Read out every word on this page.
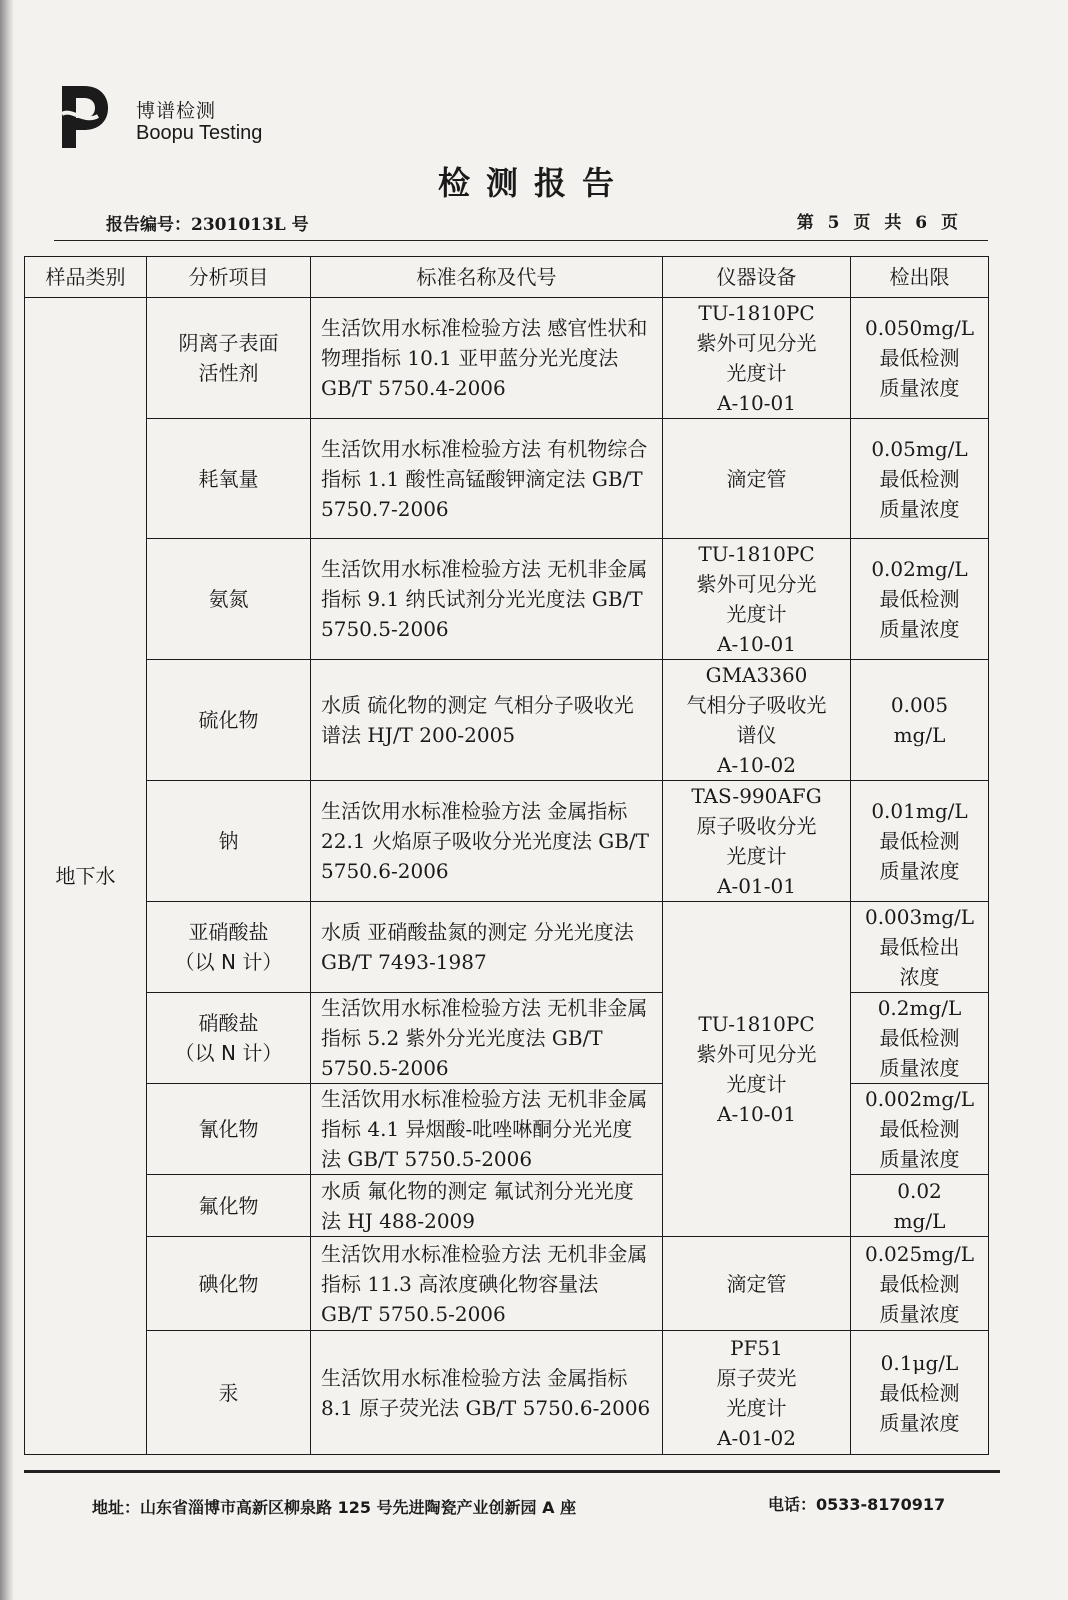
博谱检测
Boopu Testing
检测报告
报告编号：2301013L 号	第 5 页 共 6 页
样品类别	分析项目	标准名称及代号	仪器设备	检出限
地下水	阴离子表面
活性剂	生活饮用水标准检验方法 感官性状和物理指标 10.1 亚甲蓝分光光度法 GB/T 5750.4-2006	TU-1810PC
紫外可见分光
光度计
A-10-01	0.050mg/L
最低检测
质量浓度
	耗氧量	生活饮用水标准检验方法 有机物综合指标 1.1 酸性高锰酸钾滴定法 GB/T 5750.7-2006	滴定管	0.05mg/L
最低检测
质量浓度
	氨氮	生活饮用水标准检验方法 无机非金属指标 9.1 纳氏试剂分光光度法 GB/T 5750.5-2006	TU-1810PC
紫外可见分光
光度计
A-10-01	0.02mg/L
最低检测
质量浓度
	硫化物	水质 硫化物的测定 气相分子吸收光谱法 HJ/T 200-2005	GMA3360
气相分子吸收光
谱仪
A-10-02	0.005
mg/L
	钠	生活饮用水标准检验方法 金属指标 22.1 火焰原子吸收分光光度法 GB/T 5750.6-2006	TAS-990AFG
原子吸收分光
光度计
A-01-01	0.01mg/L
最低检测
质量浓度
	亚硝酸盐
（以 N 计）	水质 亚硝酸盐氮的测定 分光光度法 GB/T 7493-1987	TU-1810PC
紫外可见分光
光度计
A-10-01	0.003mg/L
最低检出
浓度
	硝酸盐
（以 N 计）	生活饮用水标准检验方法 无机非金属指标 5.2 紫外分光光度法 GB/T 5750.5-2006		0.2mg/L
最低检测
质量浓度
	氰化物	生活饮用水标准检验方法 无机非金属指标 4.1 异烟酸-吡唑啉酮分光光度法 GB/T 5750.5-2006		0.002mg/L
最低检测
质量浓度
	氟化物	水质 氟化物的测定 氟试剂分光光度法 HJ 488-2009		0.02
mg/L
	碘化物	生活饮用水标准检验方法 无机非金属指标 11.3 高浓度碘化物容量法 GB/T 5750.5-2006	滴定管	0.025mg/L
最低检测
质量浓度
	汞	生活饮用水标准检验方法 金属指标 8.1 原子荧光法 GB/T 5750.6-2006	PF51
原子荧光
光度计
A-01-02	0.1μg/L
最低检测
质量浓度
地址：山东省淄博市高新区柳泉路 125 号先进陶瓷产业创新园 A 座	电话：0533-8170917
